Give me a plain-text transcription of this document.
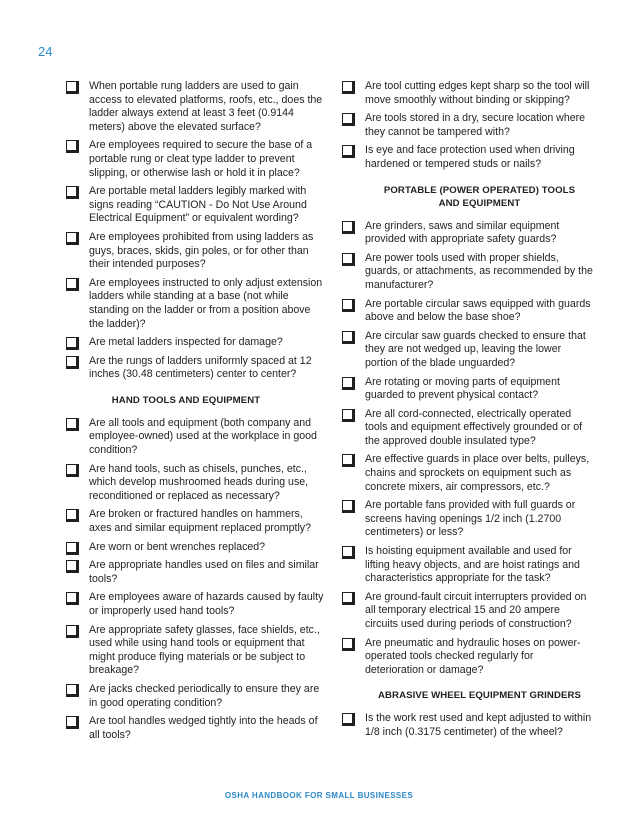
24
When portable rung ladders are used to gain access to elevated platforms, roofs, etc., does the ladder always extend at least 3 feet (0.9144 meters) above the elevated surface?
Are employees required to secure the base of a portable rung or cleat type ladder to prevent slipping, or otherwise lash or hold it in place?
Are portable metal ladders legibly marked with signs reading “CAUTION - Do Not Use Around Electrical Equipment” or equivalent wording?
Are employees prohibited from using ladders as guys, braces, skids, gin poles, or for other than their intended purposes?
Are employees instructed to only adjust extension ladders while standing at a base (not while standing on the ladder or from a position above the ladder)?
Are metal ladders inspected for damage?
Are the rungs of ladders uniformly spaced at 12 inches (30.48 centimeters) center to center?
HAND TOOLS AND EQUIPMENT
Are all tools and equipment (both company and employee-owned) used at the workplace in good condition?
Are hand tools, such as chisels, punches, etc., which develop mushroomed heads during use, reconditioned or replaced as necessary?
Are broken or fractured handles on hammers, axes and similar equipment replaced promptly?
Are worn or bent wrenches replaced?
Are appropriate handles used on files and similar tools?
Are employees aware of hazards caused by faulty or improperly used hand tools?
Are appropriate safety glasses, face shields, etc., used while using hand tools or equipment that might produce flying materials or be subject to breakage?
Are jacks checked periodically to ensure they are in good operating condition?
Are tool handles wedged tightly into the heads of all tools?
Are tool cutting edges kept sharp so the tool will move smoothly without binding or skipping?
Are tools stored in a dry, secure location where they cannot be tampered with?
Is eye and face protection used when driving hardened or tempered studs or nails?
PORTABLE (POWER OPERATED) TOOLS
AND EQUIPMENT
Are grinders, saws and similar equipment provided with appropriate safety guards?
Are power tools used with proper shields, guards, or attachments, as recommended by the manufacturer?
Are portable circular saws equipped with guards above and below the base shoe?
Are circular saw guards checked to ensure that they are not wedged up, leaving the lower portion of the blade unguarded?
Are rotating or moving parts of equipment guarded to prevent physical contact?
Are all cord-connected, electrically operated tools and equipment effectively grounded or of the approved double insulated type?
Are effective guards in place over belts, pulleys, chains and sprockets on equipment such as concrete mixers, air compressors, etc.?
Are portable fans provided with full guards or screens having openings 1/2 inch (1.2700 centimeters) or less?
Is hoisting equipment available and used for lifting heavy objects, and are hoist ratings and characteristics appropriate for the task?
Are ground-fault circuit interrupters provided on all temporary electrical 15 and 20 ampere circuits used during periods of construction?
Are pneumatic and hydraulic hoses on power-operated tools checked regularly for deterioration or damage?
ABRASIVE WHEEL EQUIPMENT GRINDERS
Is the work rest used and kept adjusted to within 1/8 inch (0.3175 centimeter) of the wheel?
OSHA HANDBOOK FOR SMALL BUSINESSES
